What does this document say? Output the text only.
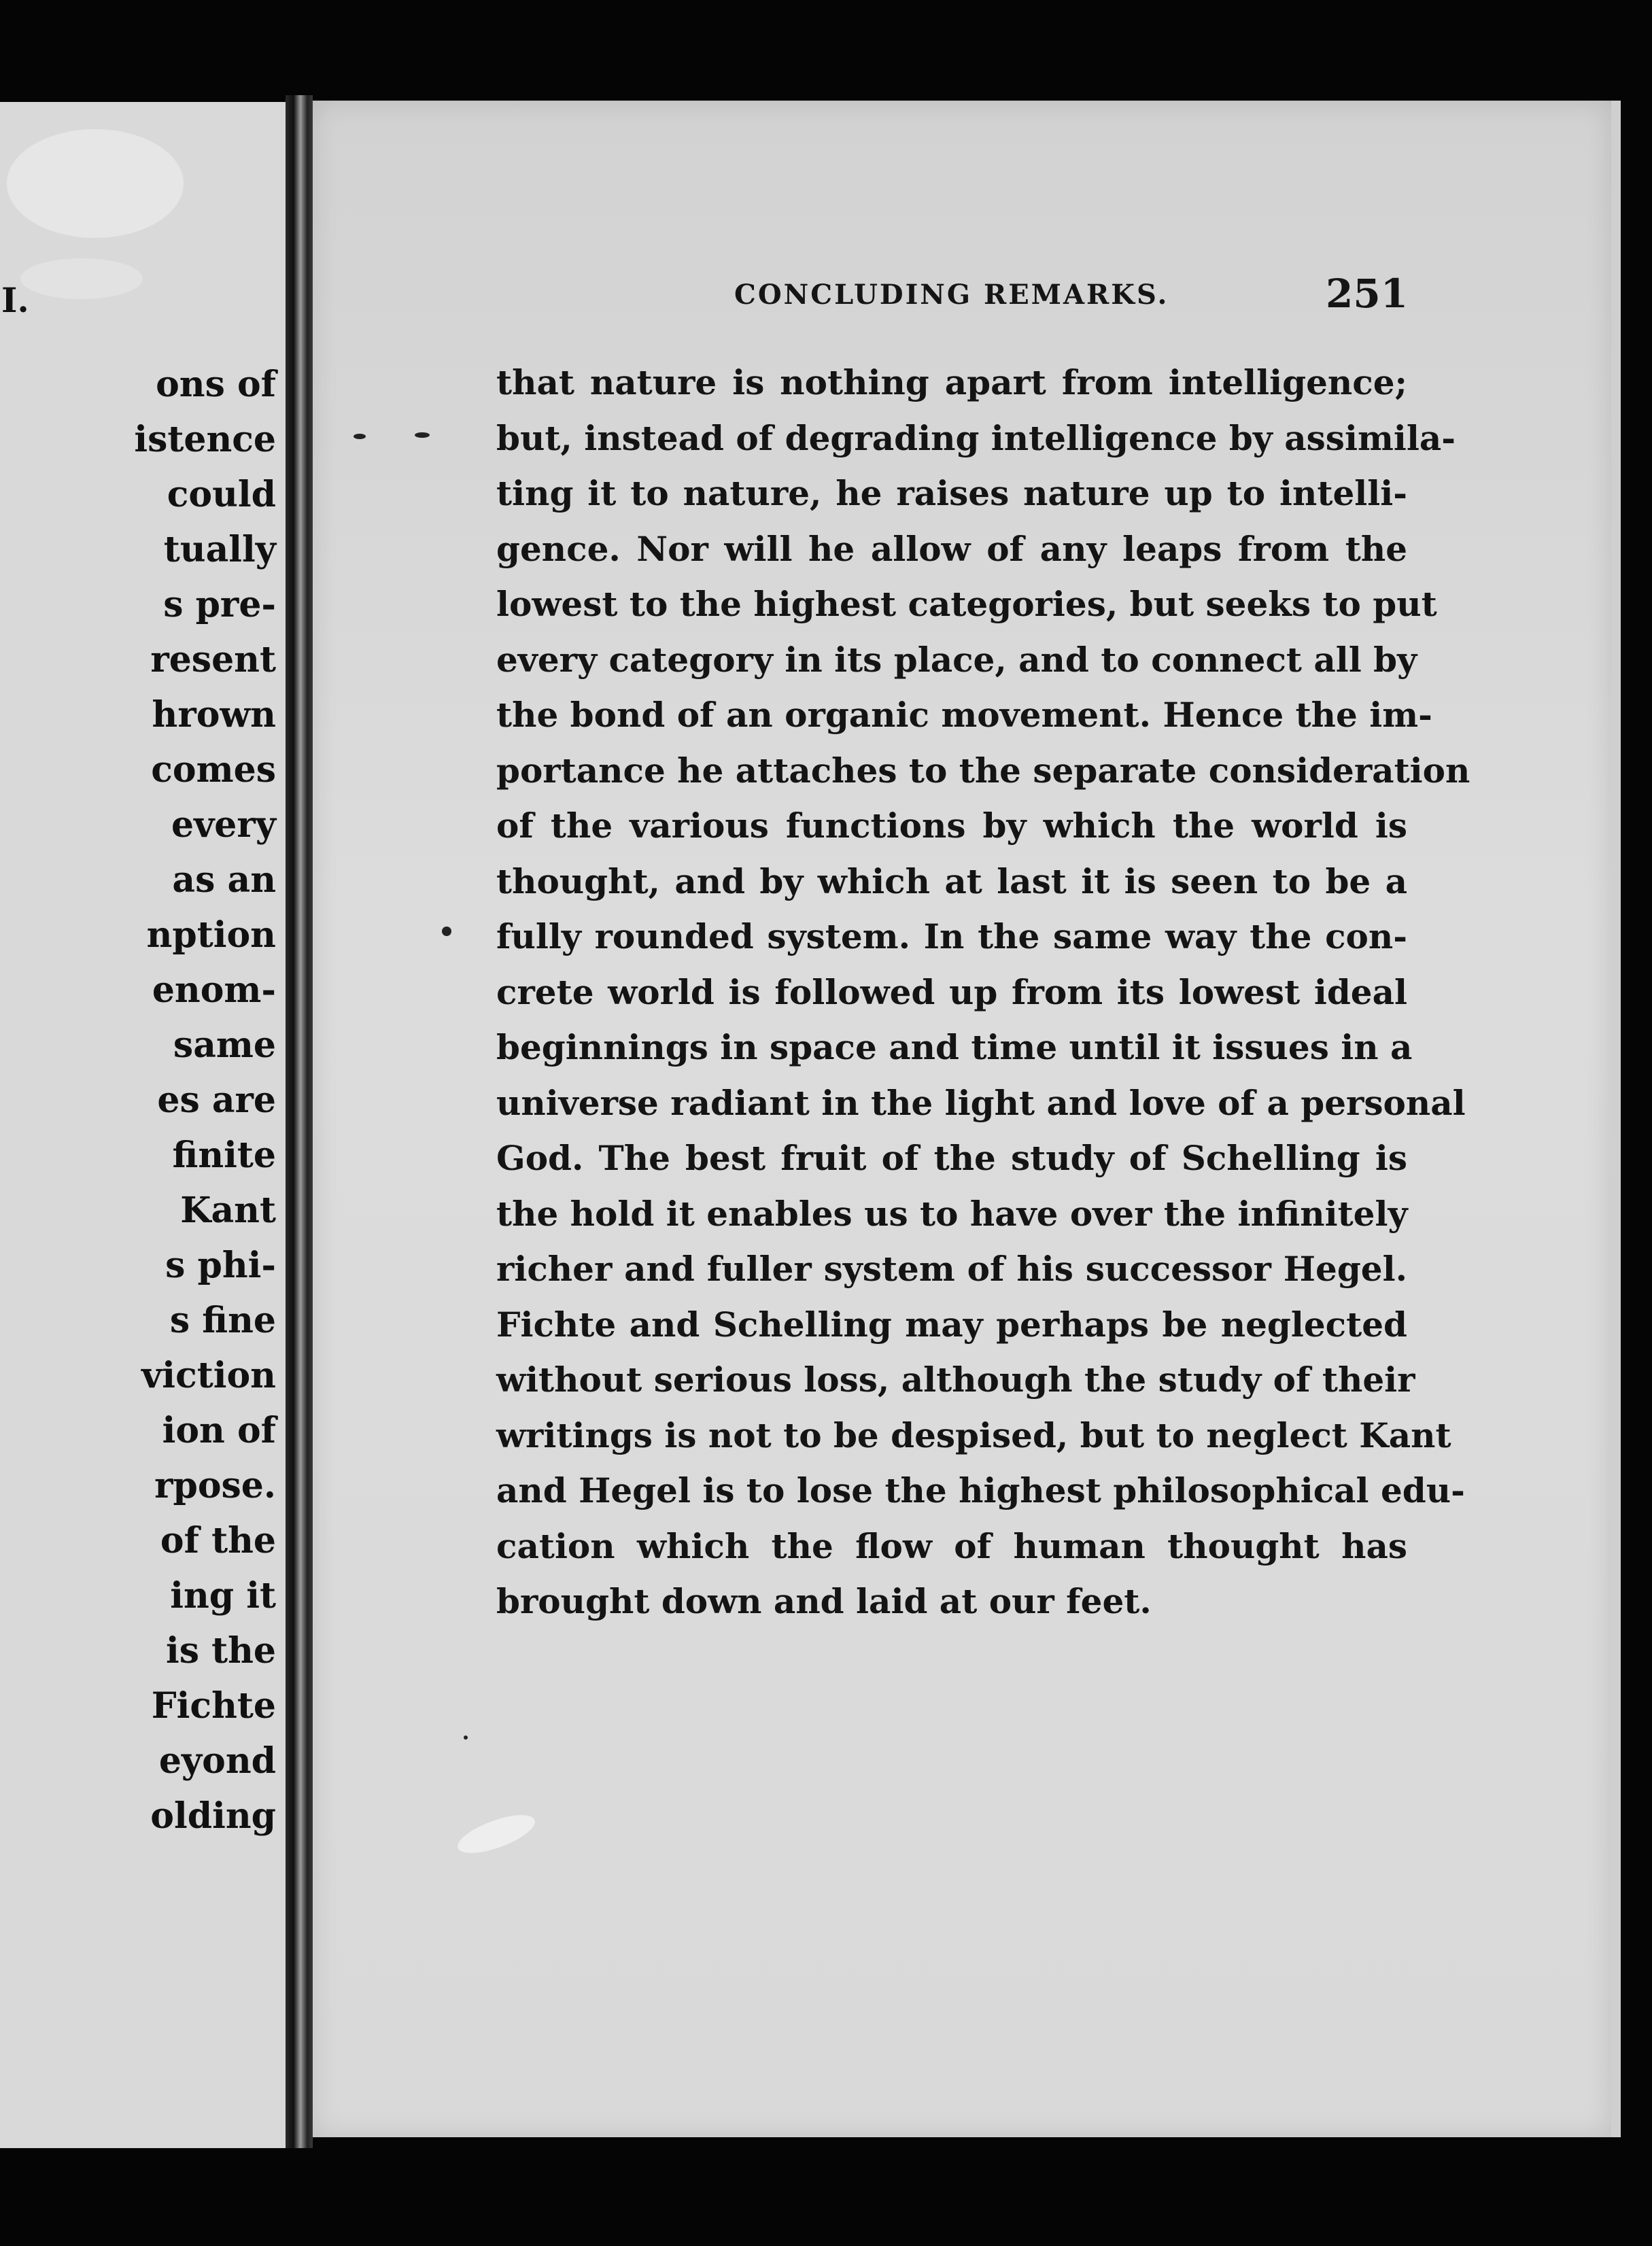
I.
ons of
istence
could
tually
s pre-
resent
hrown
comes
every
as an
nption
enom-
same
es are
finite
Kant
s phi-
s fine
viction
ion of
rpose.
of the
ing it
is the
Fichte
eyond
olding
CONCLUDING REMARKS.	251
that nature is nothing apart from intelligence;
but, instead of degrading intelligence by assimila-
ting it to nature, he raises nature up to intelli-
gence. Nor will he allow of any leaps from the
lowest to the highest categories, but seeks to put
every category in its place, and to connect all by
the bond of an organic movement. Hence the im-
portance he attaches to the separate consideration
of the various functions by which the world is
thought, and by which at last it is seen to be a
fully rounded system. In the same way the con-
crete world is followed up from its lowest ideal
beginnings in space and time until it issues in a
universe radiant in the light and love of a personal
God. The best fruit of the study of Schelling is
the hold it enables us to have over the infinitely
richer and fuller system of his successor Hegel.
Fichte and Schelling may perhaps be neglected
without serious loss, although the study of their
writings is not to be despised, but to neglect Kant
and Hegel is to lose the highest philosophical edu-
cation which the flow of human thought has
brought down and laid at our feet.
